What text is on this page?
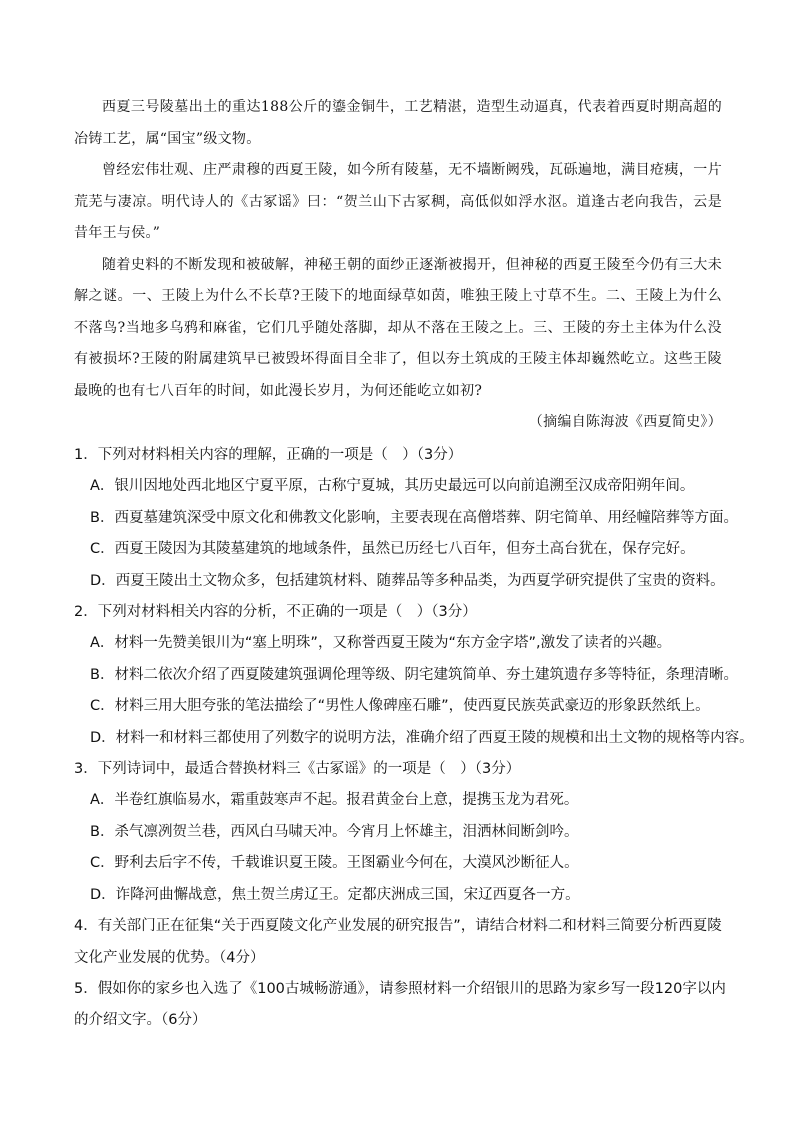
西夏三号陵墓出土的重达188公斤的鎏金铜牛，工艺精湛，造型生动逼真，代表着西夏时期高超的冶铸工艺，属“国宝”级文物。

曾经宏伟壮观、庄严肃穆的西夏王陵，如今所有陵墓，无不墙断阙残，瓦砾遍地，满目疮痍，一片荒芜与凄凉。明代诗人的《古冢谣》曰：“贺兰山下古冢稠，高低似如浮水沤。道逢古老向我告，云是昔年王与侯。”

随着史料的不断发现和被破解，神秘王朝的面纱正逐渐被揭开，但神秘的西夏王陵至今仍有三大未解之谜。一、王陵上为什么不长草?王陵下的地面绿草如茵，唯独王陵上寸草不生。二、王陵上为什么不落鸟?当地多乌鸦和麻雀，它们几乎随处落脚，却从不落在王陵之上。三、王陵的夯土主体为什么没有被损坏?王陵的附属建筑早已被毁坏得面目全非了，但以夯土筑成的王陵主体却巍然屹立。这些王陵最晚的也有七八百年的时间，如此漫长岁月，为何还能屹立如初?

（摘编自陈海波《西夏简史》）
1．下列对材料相关内容的理解，正确的一项是（　）（3分）
A．银川因地处西北地区宁夏平原，古称宁夏城，其历史最远可以向前追溯至汉成帝阳朔年间。
B．西夏墓建筑深受中原文化和佛教文化影响，主要表现在高僧塔葬、阴宅简单、用经幢陪葬等方面。
C．西夏王陵因为其陵墓建筑的地域条件，虽然已历经七八百年，但夯土高台犹在，保存完好。
D．西夏王陵出土文物众多，包括建筑材料、随葬品等多种品类，为西夏学研究提供了宝贵的资料。
2．下列对材料相关内容的分析，不正确的一项是（　）（3分）
A．材料一先赞美银川为“塞上明珠”，又称誉西夏王陵为“东方金字塔”,激发了读者的兴趣。
B．材料二依次介绍了西夏陵建筑强调伦理等级、阴宅建筑简单、夯土建筑遗存多等特征，条理清晰。
C．材料三用大胆夸张的笔法描绘了“男性人像碑座石雕”，使西夏民族英武豪迈的形象跃然纸上。
D．材料一和材料三都使用了列数字的说明方法，准确介绍了西夏王陵的规模和出土文物的规格等内容。
3．下列诗词中，最适合替换材料三《古冢谣》的一项是（　）（3分）
A．半卷红旗临易水，霜重鼓寒声不起。报君黄金台上意，提携玉龙为君死。
B．杀气凛冽贺兰巷，西风白马啸天冲。今宵月上怀雄主，泪洒林间断剑吟。
C．野利去后字不传，千载谁识夏王陵。王图霸业今何在，大漠风沙断征人。
D．诈降河曲懈战意，焦土贺兰虏辽王。定都庆洲成三国，宋辽西夏各一方。
4．有关部门正在征集“关于西夏陵文化产业发展的研究报告”，请结合材料二和材料三简要分析西夏陵文化产业发展的优势。（4分）
5．假如你的家乡也入选了《100古城畅游通》，请参照材料一介绍银川的思路为家乡写一段120字以内的介绍文字。（6分）
